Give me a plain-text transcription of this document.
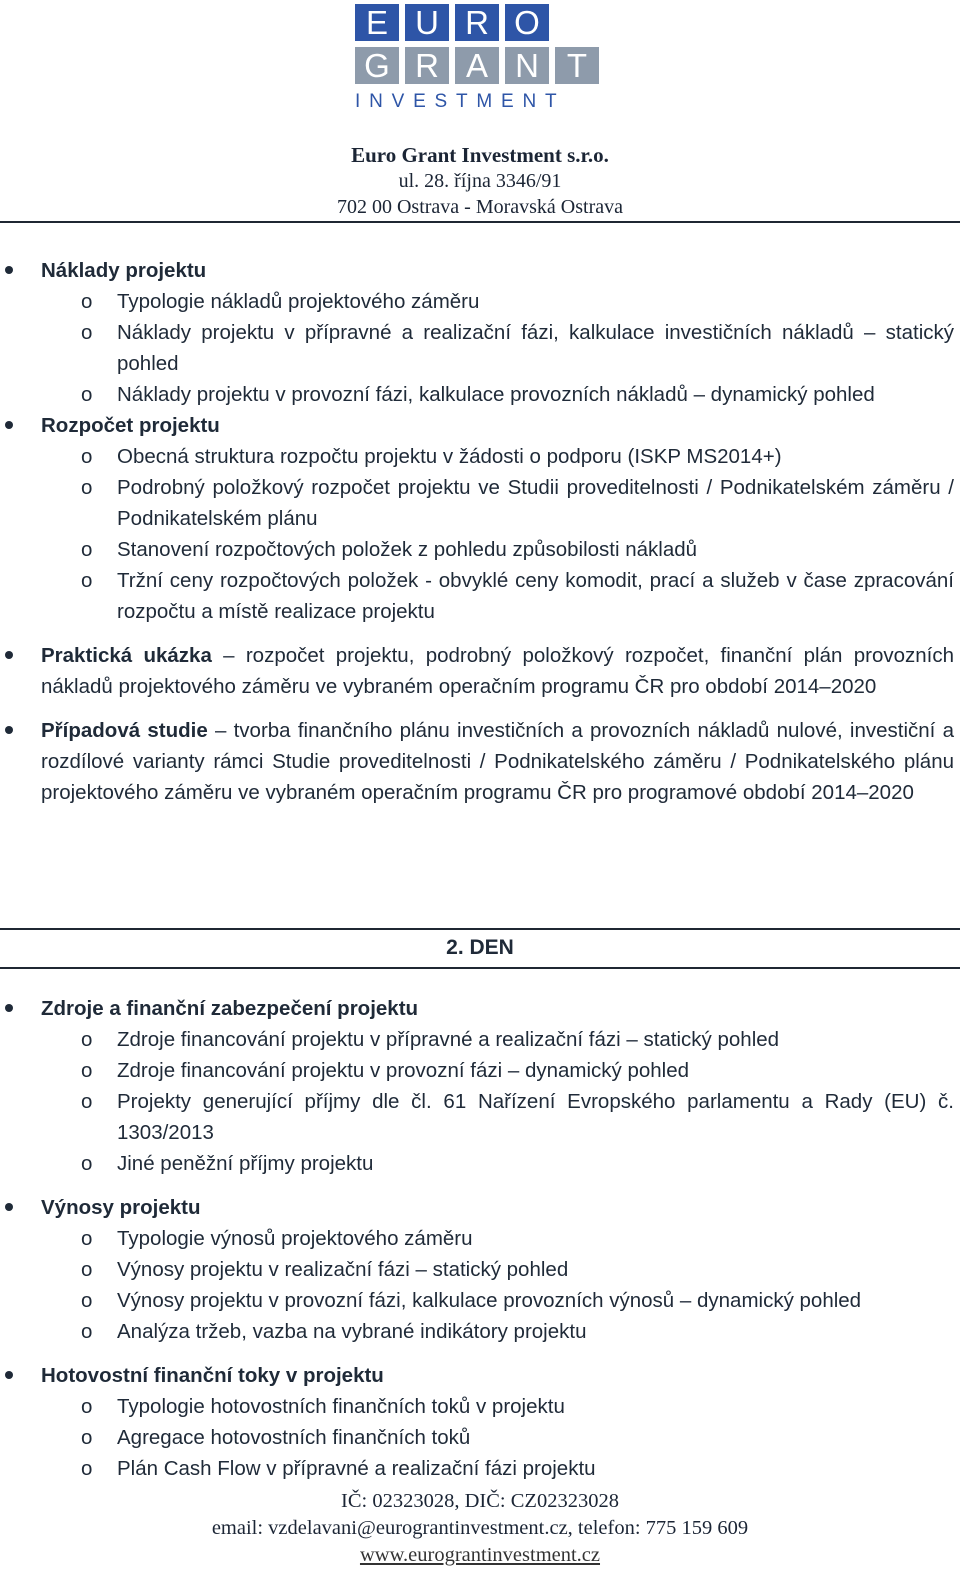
E U R O
G R A N T
INVESTMENT
Euro Grant Investment s.r.o.
ul. 28. října 3346/91
702 00 Ostrava - Moravská Ostrava
Náklady projektu
o Typologie nákladů projektového záměru
o Náklady projektu v přípravné a realizační fázi, kalkulace investičních nákladů – statický pohled
o Náklady projektu v provozní fázi, kalkulace provozních nákladů – dynamický pohled
Rozpočet projektu
o Obecná struktura rozpočtu projektu v žádosti o podporu (ISKP MS2014+)
o Podrobný položkový rozpočet projektu ve Studii proveditelnosti / Podnikatelském záměru / Podnikatelském plánu
o Stanovení rozpočtových položek z pohledu způsobilosti nákladů
o Tržní ceny rozpočtových položek - obvyklé ceny komodit, prací a služeb v čase zpracování rozpočtu a místě realizace projektu
Praktická ukázka – rozpočet projektu, podrobný položkový rozpočet, finanční plán provozních nákladů projektového záměru ve vybraném operačním programu ČR pro období 2014–2020
Případová studie – tvorba finančního plánu investičních a provozních nákladů nulové, investiční a rozdílové varianty rámci Studie proveditelnosti / Podnikatelského záměru / Podnikatelského plánu projektového záměru ve vybraném operačním programu ČR pro programové období 2014–2020
2. DEN
Zdroje a finanční zabezpečení projektu
o Zdroje financování projektu v přípravné a realizační fázi – statický pohled
o Zdroje financování projektu v provozní fázi – dynamický pohled
o Projekty generující příjmy dle čl. 61 Nařízení Evropského parlamentu a Rady (EU) č. 1303/2013
o Jiné peněžní příjmy projektu
Výnosy projektu
o Typologie výnosů projektového záměru
o Výnosy projektu v realizační fázi – statický pohled
o Výnosy projektu v provozní fázi, kalkulace provozních výnosů – dynamický pohled
o Analýza tržeb, vazba na vybrané indikátory projektu
Hotovostní finanční toky v projektu
o Typologie hotovostních finančních toků v projektu
o Agregace hotovostních finančních toků
o Plán Cash Flow v přípravné a realizační fázi projektu
IČ: 02323028, DIČ: CZ02323028
email: vzdelavani@eurograntinvestment.cz, telefon: 775 159 609
www.eurograntinvestment.cz
